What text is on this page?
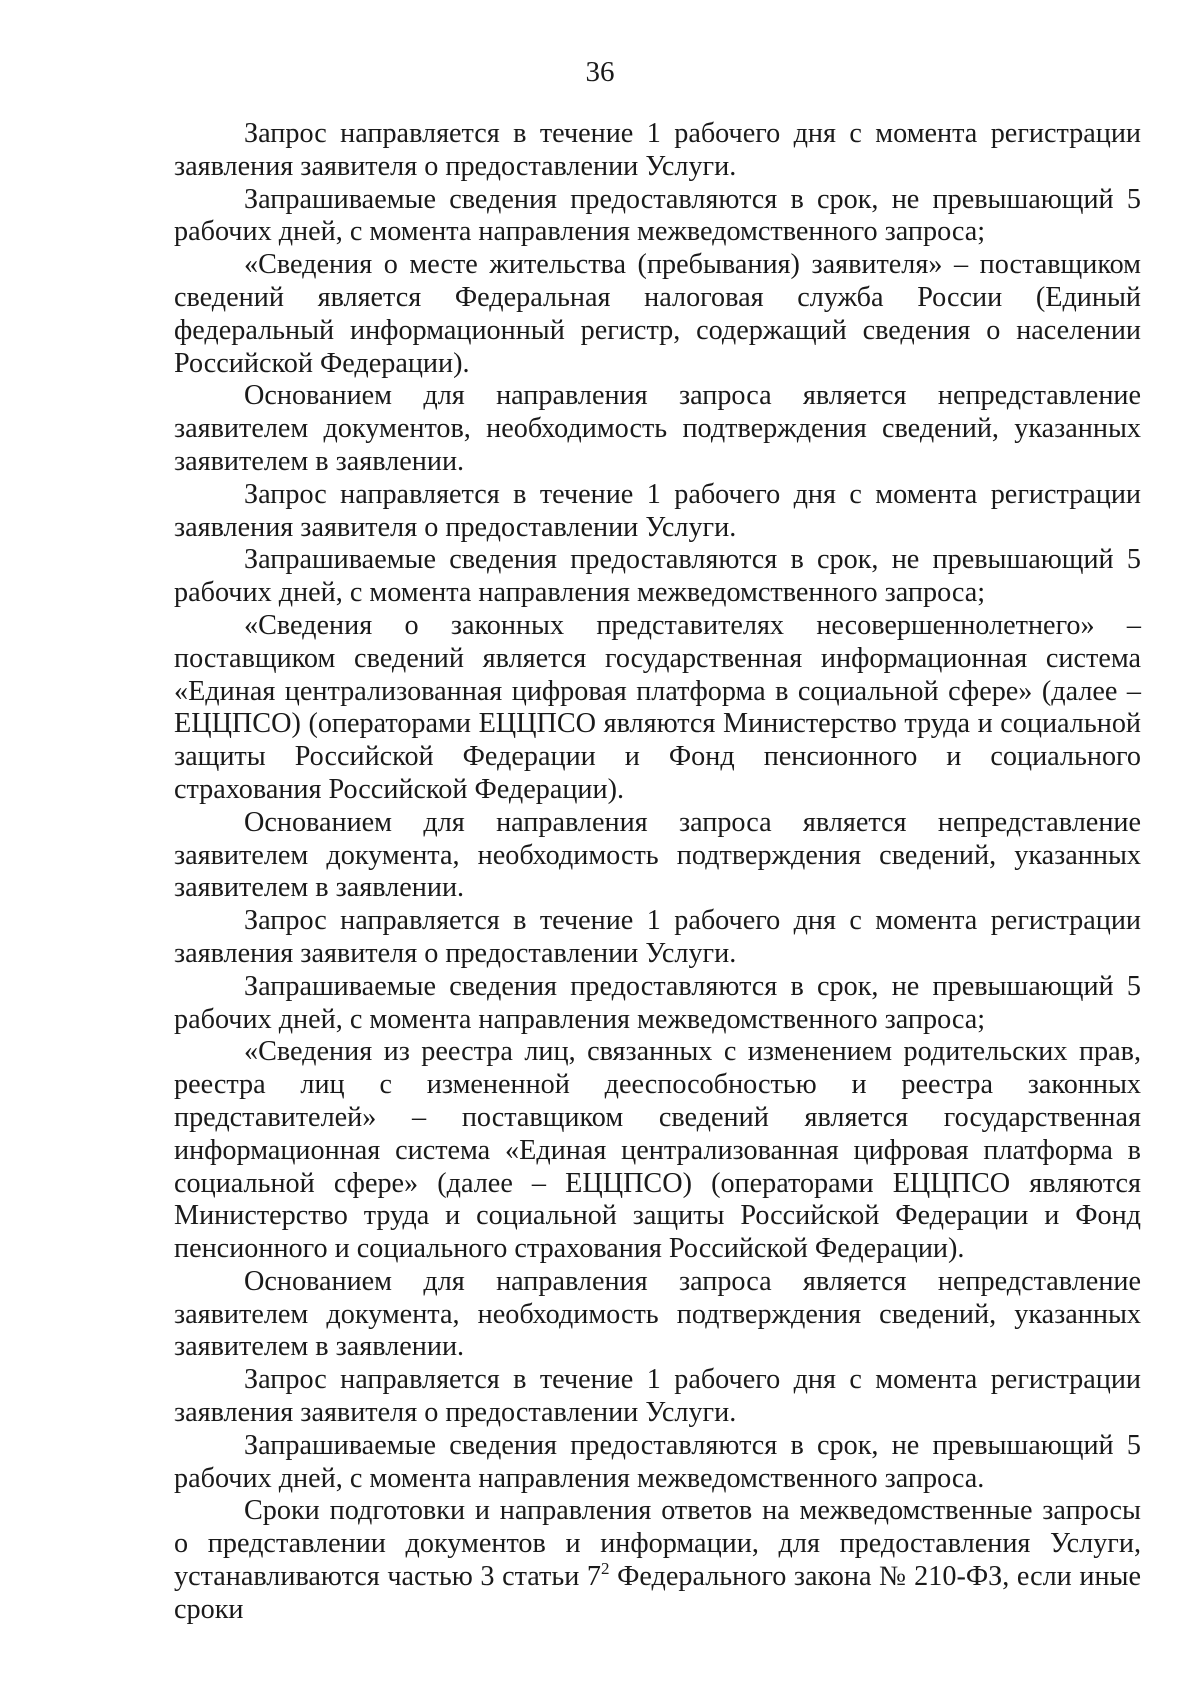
36

Запрос направляется в течение 1 рабочего дня с момента регистрации заявления заявителя о предоставлении Услуги.

Запрашиваемые сведения предоставляются в срок, не превышающий 5 рабочих дней, с момента направления межведомственного запроса;

«Сведения о месте жительства (пребывания) заявителя» – поставщиком сведений является Федеральная налоговая служба России (Единый федеральный информационный регистр, содержащий сведения о населении Российской Федерации).

Основанием для направления запроса является непредставление заявителем документов, необходимость подтверждения сведений, указанных заявителем в заявлении.

Запрос направляется в течение 1 рабочего дня с момента регистрации заявления заявителя о предоставлении Услуги.

Запрашиваемые сведения предоставляются в срок, не превышающий 5 рабочих дней, с момента направления межведомственного запроса;

«Сведения о законных представителях несовершеннолетнего» – поставщиком сведений является государственная информационная система «Единая централизованная цифровая платформа в социальной сфере» (далее – ЕЦЦПСО) (операторами ЕЦЦПСО являются Министерство труда и социальной защиты Российской Федерации и Фонд пенсионного и социального страхования Российской Федерации).

Основанием для направления запроса является непредставление заявителем документа, необходимость подтверждения сведений, указанных заявителем в заявлении.

Запрос направляется в течение 1 рабочего дня с момента регистрации заявления заявителя о предоставлении Услуги.

Запрашиваемые сведения предоставляются в срок, не превышающий 5 рабочих дней, с момента направления межведомственного запроса;

«Сведения из реестра лиц, связанных с изменением родительских прав, реестра лиц с измененной дееспособностью и реестра законных представителей» – поставщиком сведений является государственная информационная система «Единая централизованная цифровая платформа в социальной сфере» (далее – ЕЦЦПСО) (операторами ЕЦЦПСО являются Министерство труда и социальной защиты Российской Федерации и Фонд пенсионного и социального страхования Российской Федерации).

Основанием для направления запроса является непредставление заявителем документа, необходимость подтверждения сведений, указанных заявителем в заявлении.

Запрос направляется в течение 1 рабочего дня с момента регистрации заявления заявителя о предоставлении Услуги.

Запрашиваемые сведения предоставляются в срок, не превышающий 5 рабочих дней, с момента направления межведомственного запроса.

Сроки подготовки и направления ответов на межведомственные запросы о представлении документов и информации, для предоставления Услуги, устанавливаются частью 3 статьи $7^2$ Федерального закона № 210-ФЗ, если иные сроки
